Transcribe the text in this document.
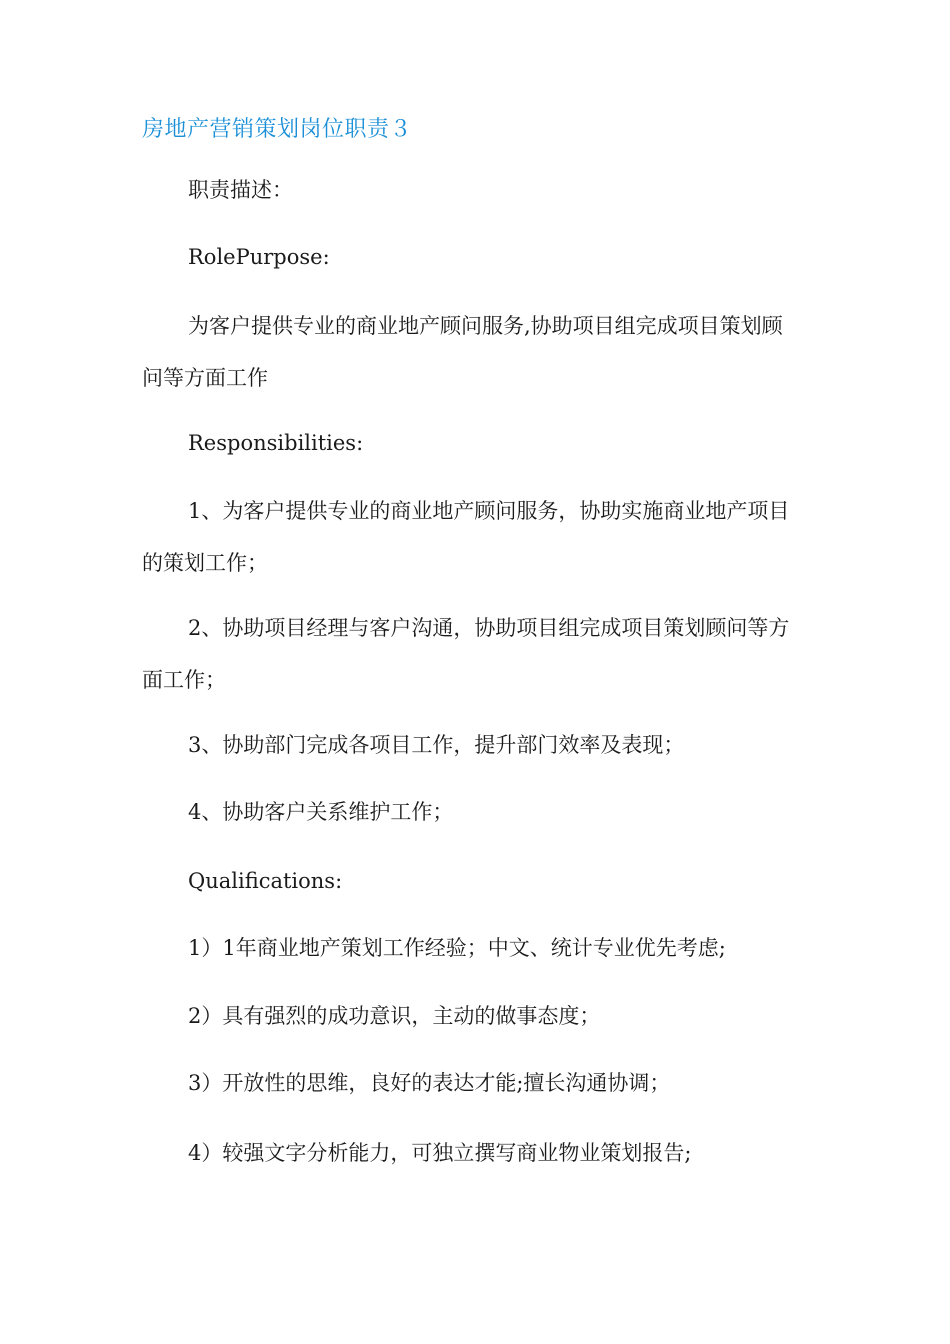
房地产营销策划岗位职责３
职责描述：
RolePurpose:
为客户提供专业的商业地产顾问服务,协助项目组完成项目策划顾问等方面工作
Responsibilities:
1、为客户提供专业的商业地产顾问服务，协助实施商业地产项目的策划工作；
2、协助项目经理与客户沟通，协助项目组完成项目策划顾问等方面工作；
3、协助部门完成各项目工作，提升部门效率及表现；
4、协助客户关系维护工作；
Qualifications:
1）1年商业地产策划工作经验；中文、统计专业优先考虑;
2）具有强烈的成功意识，主动的做事态度；
3）开放性的思维，良好的表达才能;擅长沟通协调；
4）较强文字分析能力，可独立撰写商业物业策划报告;
